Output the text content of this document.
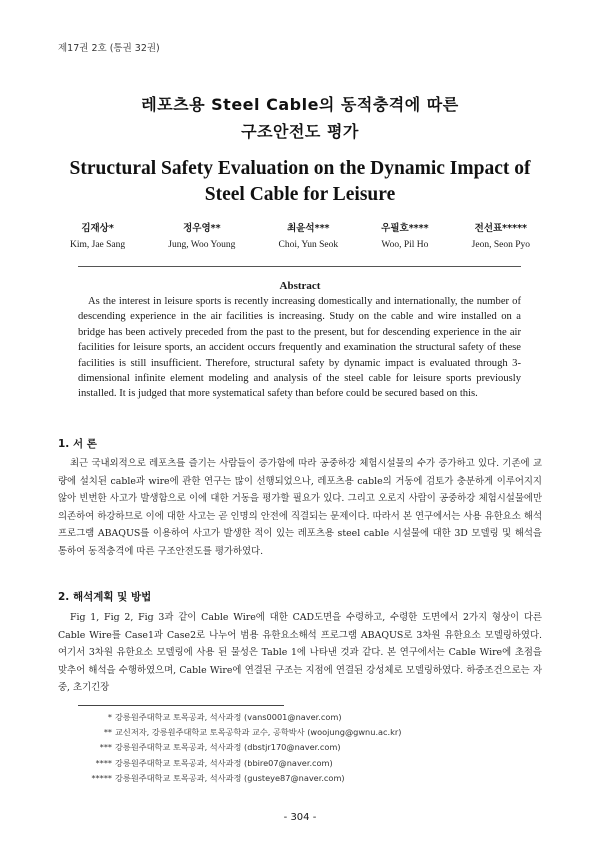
제17권 2호 (통권 32권)
레포츠용 Steel Cable의 동적충격에 따른
구조안전도 평가
Structural Safety Evaluation on the Dynamic Impact of
Steel Cable for Leisure
김재상*
Kim, Jae Sang
정우영**
Jung, Woo Young
최윤석***
Choi, Yun Seok
우필호****
Woo, Pil Ho
전선표*****
Jeon, Seon Pyo
Abstract

As the interest in leisure sports is recently increasing domestically and internationally, the number of descending experience in the air facilities is increasing. Study on the cable and wire installed on a bridge has been actively preceded from the past to the present, but for descending experience in the air facilities for leisure sports, an accident occurs frequently and examination the structural safety of these facilities is still insufficient. Therefore, structural safety by dynamic impact is evaluated through 3-dimensional infinite element modeling and analysis of the steel cable for leisure sports previously installed. It is judged that more systematical safety than before could be secured based on this.

1. 서 론

최근 국내외적으로 레포츠를 즐기는 사람들이 증가함에 따라 공중하강 체험시설물의 수가 증가하고 있다. 기존에 교량에 설치된 cable과 wire에 관한 연구는 많이 선행되었으나, 레포츠용 cable의 거동에 검토가 충분하게 이루어지지 않아 빈번한 사고가 발생함으로 이에 대한 거동을 평가할 필요가 있다. 그리고 오로지 사람이 공중하강 체험시설물에만 의존하여 하강하므로 이에 대한 사고는 곧 인명의 안전에 직결되는 문제이다. 따라서 본 연구에서는 사용 유한요소 해석프로그램 ABAQUS를 이용하여 사고가 발생한 적이 있는 레포츠용 steel cable 시설물에 대한 3D 모델링 및 해석을 통하여 동적충격에 따른 구조안전도를 평가하였다.

2. 해석계획 및 방법

Fig 1, Fig 2, Fig 3과 같이 Cable Wire에 대한 CAD도면을 수령하고, 수령한 도면에서 2가지 형상이 다른 Cable Wire를 Case1과 Case2로 나누어 범용 유한요소해석 프로그램 ABAQUS로 3차원 유한요소 모델링하였다. 여기서 3차원 유한요소 모델링에 사용 된 물성은 Table 1에 나타낸 것과 같다. 본 연구에서는 Cable Wire에 초점을 맞추어 해석을 수행하였으며, Cable Wire에 연결된 구조는 지점에 연결된 강성체로 모델링하였다. 하중조건으로는 자중, 초기긴장

* 강릉원주대학교 토목공과, 석사과정 (vans0001@naver.com)
** 교신저자, 강릉원주대학교 토목공학과 교수, 공학박사 (woojung@gwnu.ac.kr)
*** 강릉원주대학교 토목공과, 석사과정 (dbstjr170@naver.com)
**** 강릉원주대학교 토목공과, 석사과정 (bbire07@naver.com)
***** 강릉원주대학교 토목공과, 석사과정 (gusteye87@naver.com)
- 304 -
